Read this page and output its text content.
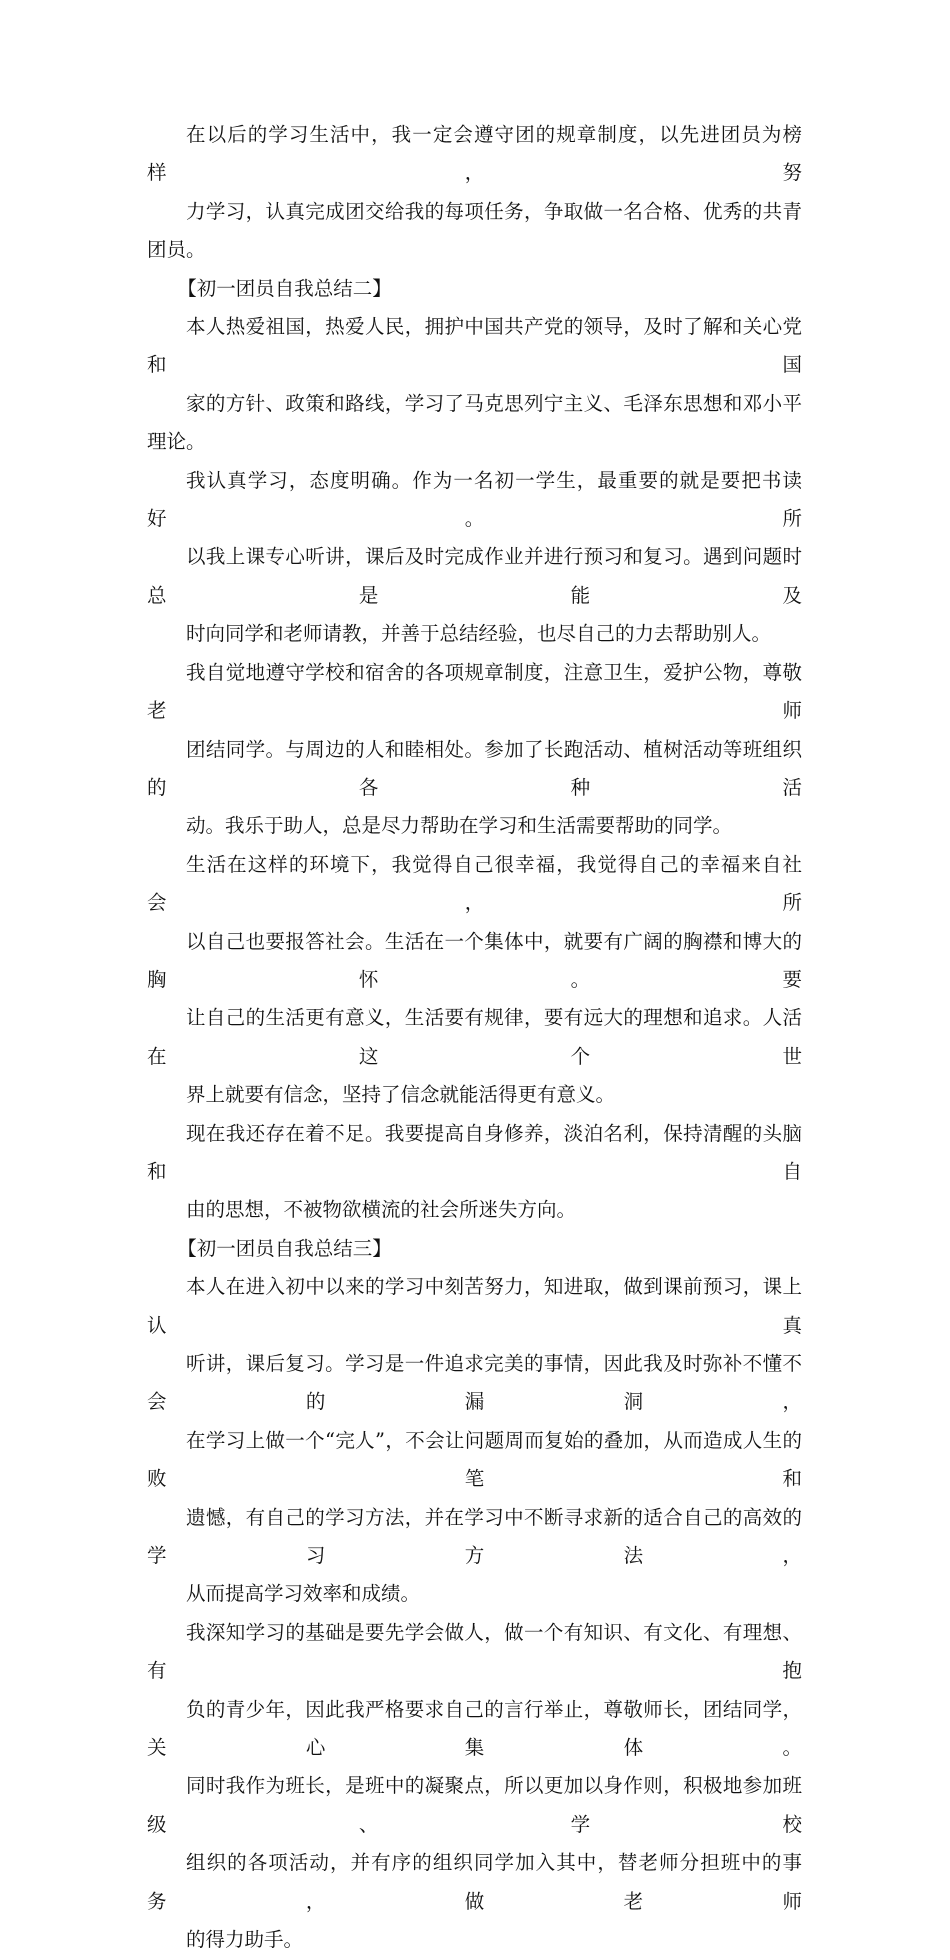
在以后的学习生活中，我一定会遵守团的规章制度，以先进团员为榜样，努
力学习，认真完成团交给我的每项任务，争取做一名合格、优秀的共青团员。
【初一团员自我总结二】
本人热爱祖国，热爱人民，拥护中国共产党的领导，及时了解和关心党和国
家的方针、政策和路线，学习了马克思列宁主义、毛泽东思想和邓小平理论。
我认真学习，态度明确。作为一名初一学生，最重要的就是要把书读好。所
以我上课专心听讲，课后及时完成作业并进行预习和复习。遇到问题时总是能及
时向同学和老师请教，并善于总结经验，也尽自己的力去帮助别人。
我自觉地遵守学校和宿舍的各项规章制度，注意卫生，爱护公物，尊敬老师
团结同学。与周边的人和睦相处。参加了长跑活动、植树活动等班组织的各种活
动。我乐于助人，总是尽力帮助在学习和生活需要帮助的同学。
生活在这样的环境下，我觉得自己很幸福，我觉得自己的幸福来自社会，所
以自己也要报答社会。生活在一个集体中，就要有广阔的胸襟和博大的胸怀。要
让自己的生活更有意义，生活要有规律，要有远大的理想和追求。人活在这个世
界上就要有信念，坚持了信念就能活得更有意义。
现在我还存在着不足。我要提高自身修养，淡泊名利，保持清醒的头脑和自
由的思想，不被物欲横流的社会所迷失方向。
【初一团员自我总结三】
本人在进入初中以来的学习中刻苦努力，知进取，做到课前预习，课上认真
听讲，课后复习。学习是一件追求完美的事情，因此我及时弥补不懂不会的漏洞，
在学习上做一个“完人”，不会让问题周而复始的叠加，从而造成人生的败笔和
遗憾，有自己的学习方法，并在学习中不断寻求新的适合自己的高效的学习方法，
从而提高学习效率和成绩。
我深知学习的基础是要先学会做人，做一个有知识、有文化、有理想、有抱
负的青少年，因此我严格要求自己的言行举止，尊敬师长，团结同学，关心集体。
同时我作为班长，是班中的凝聚点，所以更加以身作则，积极地参加班级、学校
组织的各项活动，并有序的组织同学加入其中，替老师分担班中的事务，做老师
的得力助手。
